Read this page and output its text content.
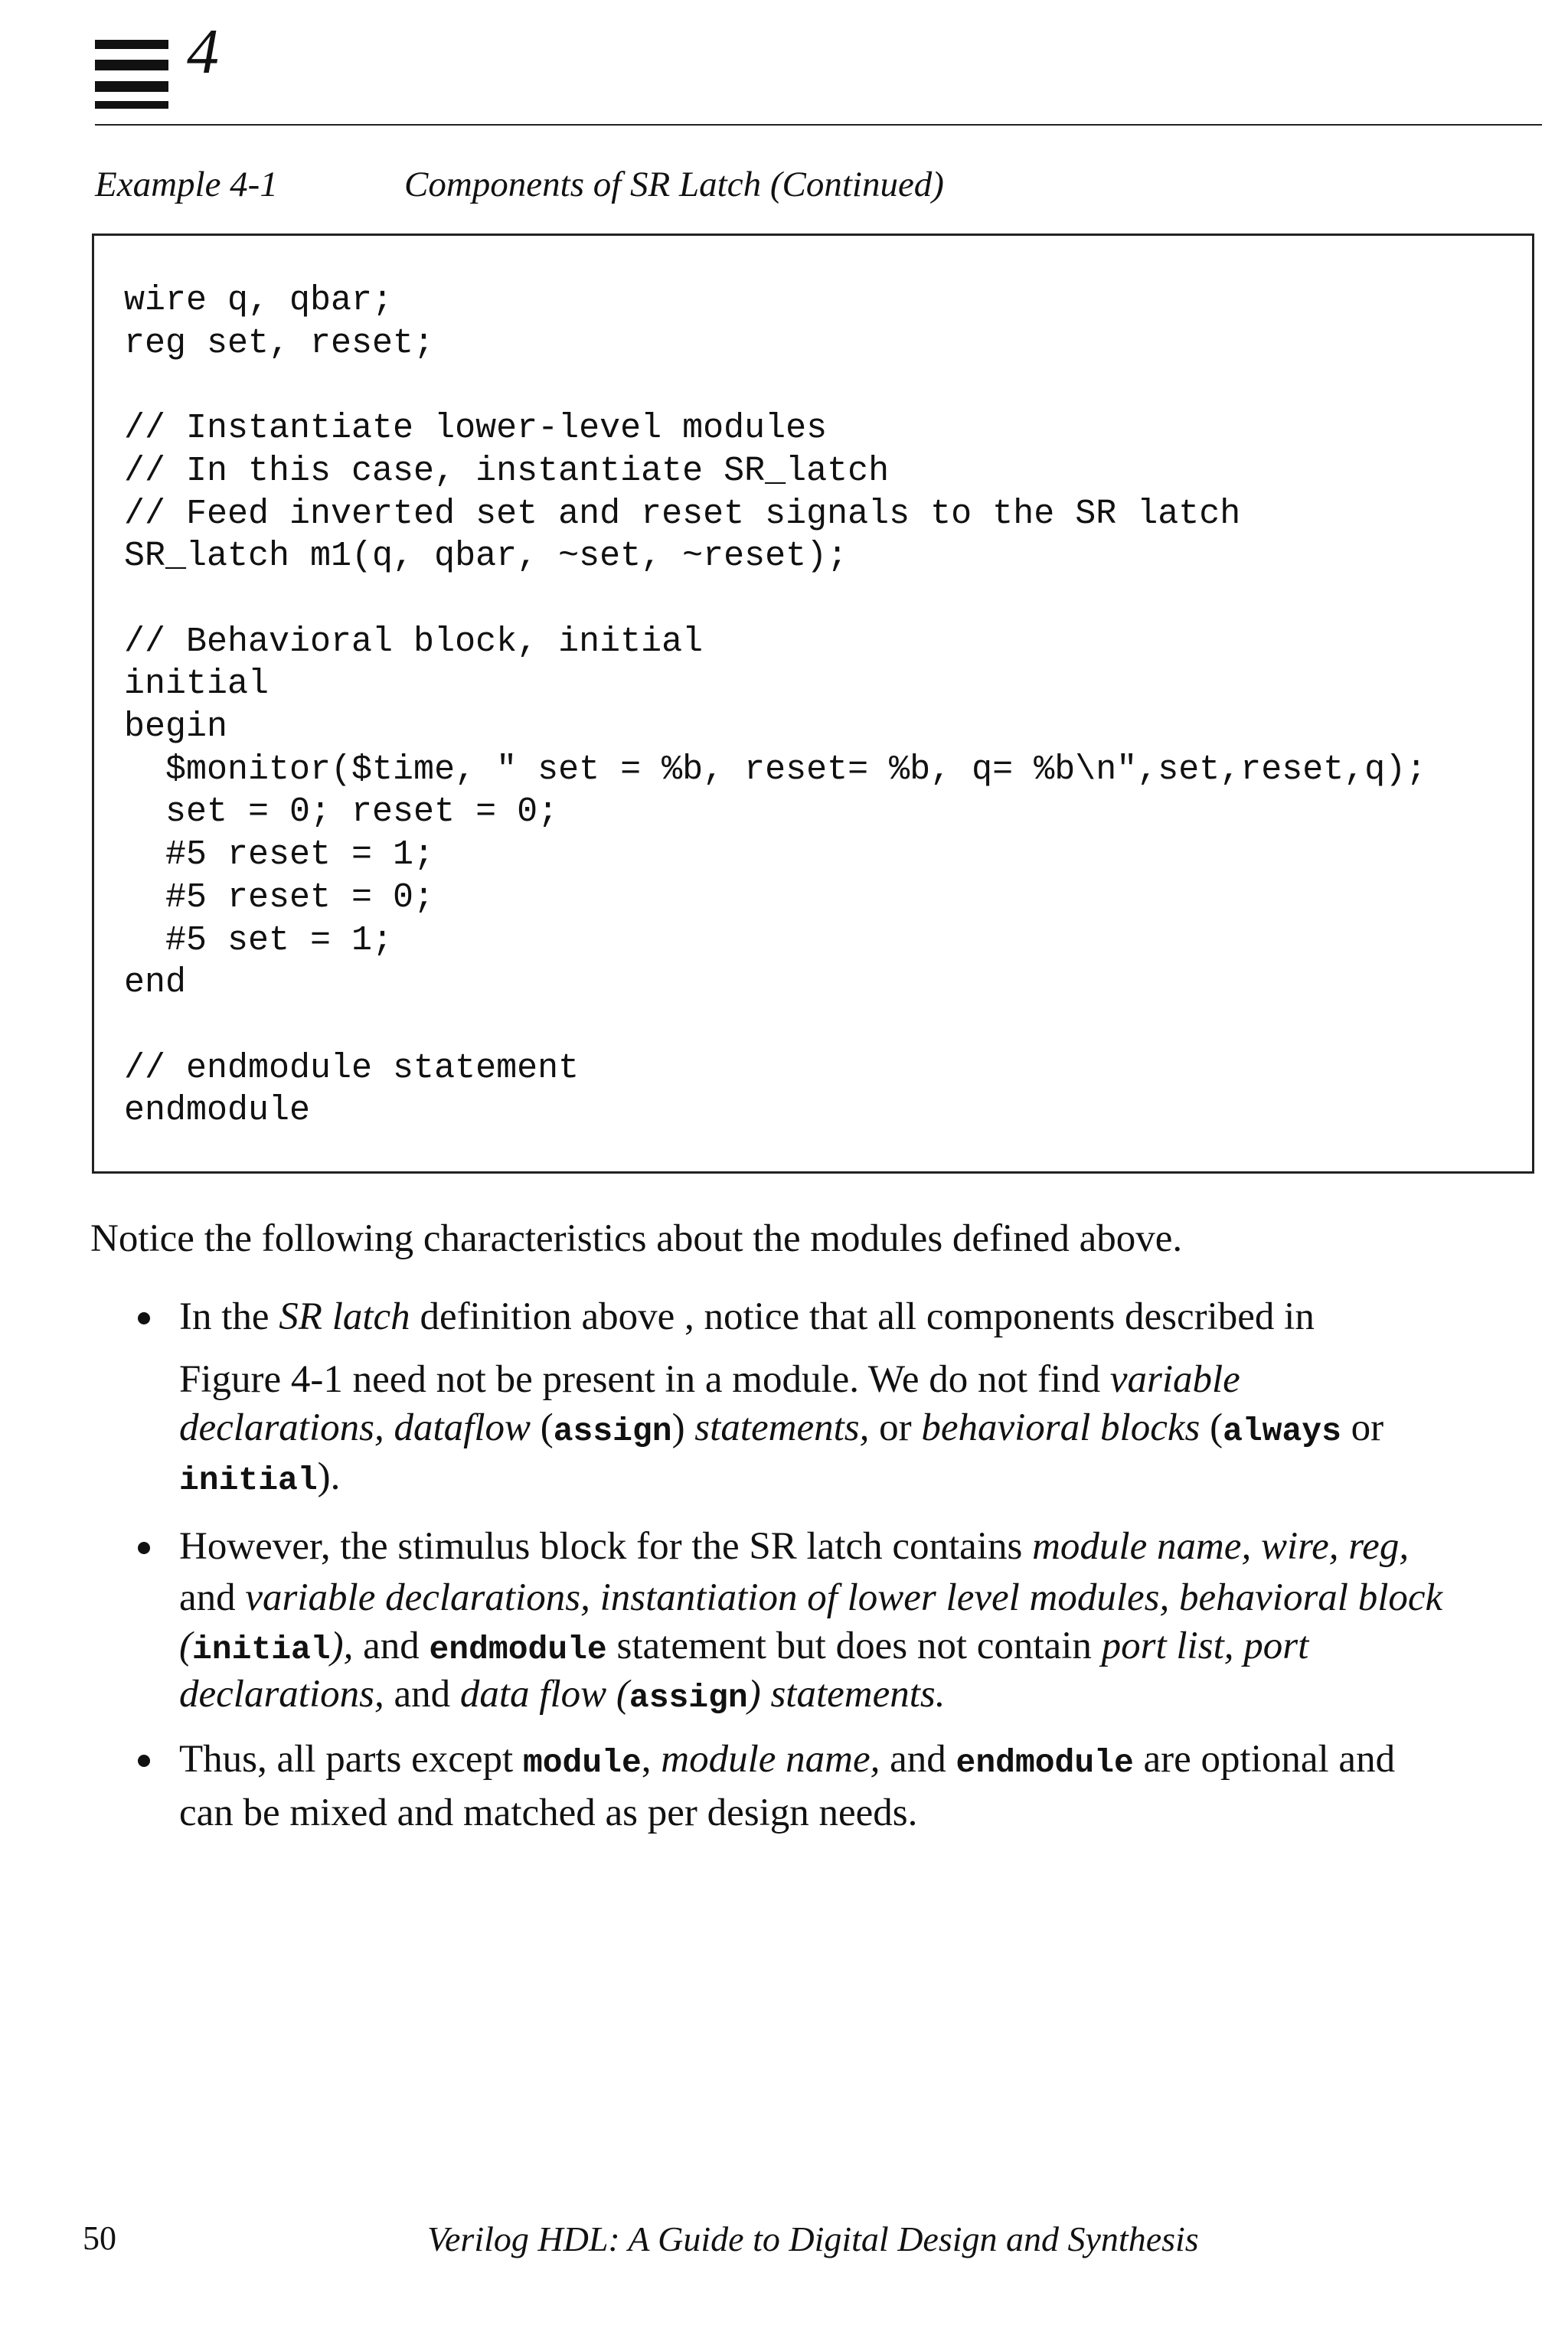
4
Example 4-1	Components of SR Latch (Continued)
wire q, qbar;
reg set, reset;
// Instantiate lower-level modules
// In this case, instantiate SR_latch
// Feed inverted set and reset signals to the SR latch
SR_latch m1(q, qbar, ~set, ~reset);
// Behavioral block, initial
initial
begin
$monitor($time, " set = %b, reset= %b, q= %b\n",set,reset,q);
set = 0; reset = 0;
#5 reset = 1;
#5 reset = 0;
#5 set = 1;
end
// endmodule statement
endmodule
Notice the following characteristics about the modules defined above.
In the SR latch definition above , notice that all components described in
Figure 4-1 need not be present in a module. We do not find variable
declarations, dataflow (assign) statements, or behavioral blocks (always or
initial).
However, the stimulus block for the SR latch contains module name, wire, reg,
and variable declarations, instantiation of lower level modules, behavioral block
(initial), and endmodule statement but does not contain port list, port
declarations, and data flow (assign) statements.
Thus, all parts except module, module name, and endmodule are optional and
can be mixed and matched as per design needs.
50	Verilog HDL: A Guide to Digital Design and Synthesis
